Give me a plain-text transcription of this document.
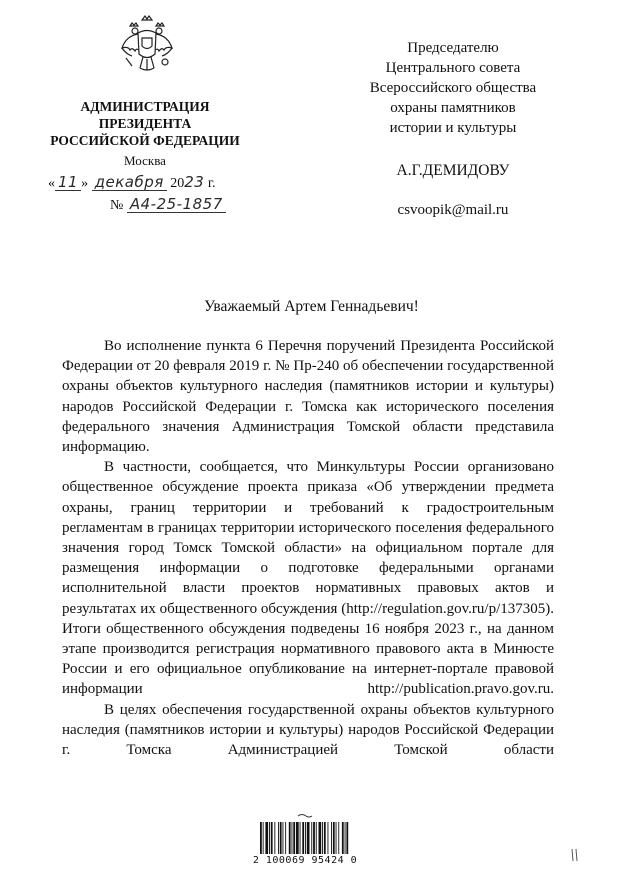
АДМИНИСТРАЦИЯ
ПРЕЗИДЕНТА
РОССИЙСКОЙ ФЕДЕРАЦИИ
Москва
« 11 » декабря 2023 г.
№ А4-25-1857
Председателю
Центрального совета
Всероссийского общества
охраны памятников
истории и культуры
А.Г.ДЕМИДОВУ
csvoopik@mail.ru
Уважаемый Артем Геннадьевич!

Во исполнение пункта 6 Перечня поручений Президента Российской Федерации от 20 февраля 2019 г. № Пр-240 об обеспечении государственной охраны объектов культурного наследия (памятников истории и культуры) народов Российской Федерации г. Томска как исторического поселения федерального значения Администрация Томской области представила информацию.

В частности, сообщается, что Минкультуры России организовано общественное обсуждение проекта приказа «Об утверждении предмета охраны, границ территории и требований к градостроительным регламентам в границах территории исторического поселения федерального значения город Томск Томской области» на официальном портале для размещения информации о подготовке федеральными органами исполнительной власти проектов нормативных правовых актов и результатах их общественного обсуждения (http://regulation.gov.ru/p/137305). Итоги общественного обсуждения подведены 16 ноября 2023 г., на данном этапе производится регистрация нормативного правового акта в Минюсте России и его официальное опубликование на интернет-портале правовой информации http://publication.pravo.gov.ru.

В целях обеспечения государственной охраны объектов культурного наследия (памятников истории и культуры) народов Российской Федерации г. Томска Администрацией Томской области

2 100069 95424 0
